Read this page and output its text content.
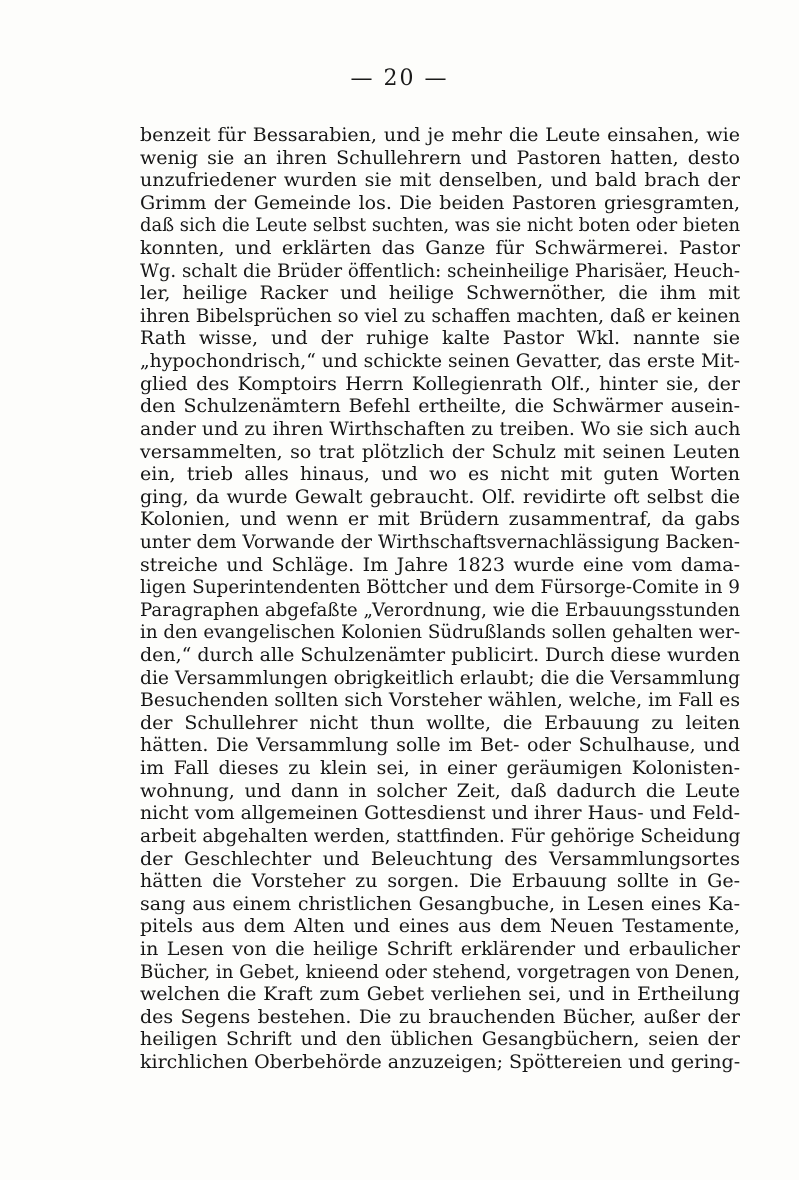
— 20 —
benzeit für Bessarabien, und je mehr die Leute einsahen, wie
wenig sie an ihren Schullehrern und Pastoren hatten, desto
unzufriedener wurden sie mit denselben, und bald brach der
Grimm der Gemeinde los. Die beiden Pastoren griesgramten,
daß sich die Leute selbst suchten, was sie nicht boten oder bieten
konnten, und erklärten das Ganze für Schwärmerei. Pastor
Wg. schalt die Brüder öffentlich: scheinheilige Pharisäer, Heuch-
ler, heilige Racker und heilige Schwernöther, die ihm mit
ihren Bibelsprüchen so viel zu schaffen machten, daß er keinen
Rath wisse, und der ruhige kalte Pastor Wkl. nannte sie
„hypochondrisch,“ und schickte seinen Gevatter, das erste Mit-
glied des Komptoirs Herrn Kollegienrath Olf., hinter sie, der
den Schulzenämtern Befehl ertheilte, die Schwärmer ausein-
ander und zu ihren Wirthschaften zu treiben. Wo sie sich auch
versammelten, so trat plötzlich der Schulz mit seinen Leuten
ein, trieb alles hinaus, und wo es nicht mit guten Worten
ging, da wurde Gewalt gebraucht. Olf. revidirte oft selbst die
Kolonien, und wenn er mit Brüdern zusammentraf, da gabs
unter dem Vorwande der Wirthschaftsvernachlässigung Backen-
streiche und Schläge. Im Jahre 1823 wurde eine vom dama-
ligen Superintendenten Böttcher und dem Fürsorge-Comite in 9
Paragraphen abgefaßte „Verordnung, wie die Erbauungsstunden
in den evangelischen Kolonien Südrußlands sollen gehalten wer-
den,“ durch alle Schulzenämter publicirt. Durch diese wurden
die Versammlungen obrigkeitlich erlaubt; die die Versammlung
Besuchenden sollten sich Vorsteher wählen, welche, im Fall es
der Schullehrer nicht thun wollte, die Erbauung zu leiten
hätten. Die Versammlung solle im Bet- oder Schulhause, und
im Fall dieses zu klein sei, in einer geräumigen Kolonisten-
wohnung, und dann in solcher Zeit, daß dadurch die Leute
nicht vom allgemeinen Gottesdienst und ihrer Haus- und Feld-
arbeit abgehalten werden, stattfinden. Für gehörige Scheidung
der Geschlechter und Beleuchtung des Versammlungsortes
hätten die Vorsteher zu sorgen. Die Erbauung sollte in Ge-
sang aus einem christlichen Gesangbuche, in Lesen eines Ka-
pitels aus dem Alten und eines aus dem Neuen Testamente,
in Lesen von die heilige Schrift erklärender und erbaulicher
Bücher, in Gebet, knieend oder stehend, vorgetragen von Denen,
welchen die Kraft zum Gebet verliehen sei, und in Ertheilung
des Segens bestehen. Die zu brauchenden Bücher, außer der
heiligen Schrift und den üblichen Gesangbüchern, seien der
kirchlichen Oberbehörde anzuzeigen; Spöttereien und gering-
